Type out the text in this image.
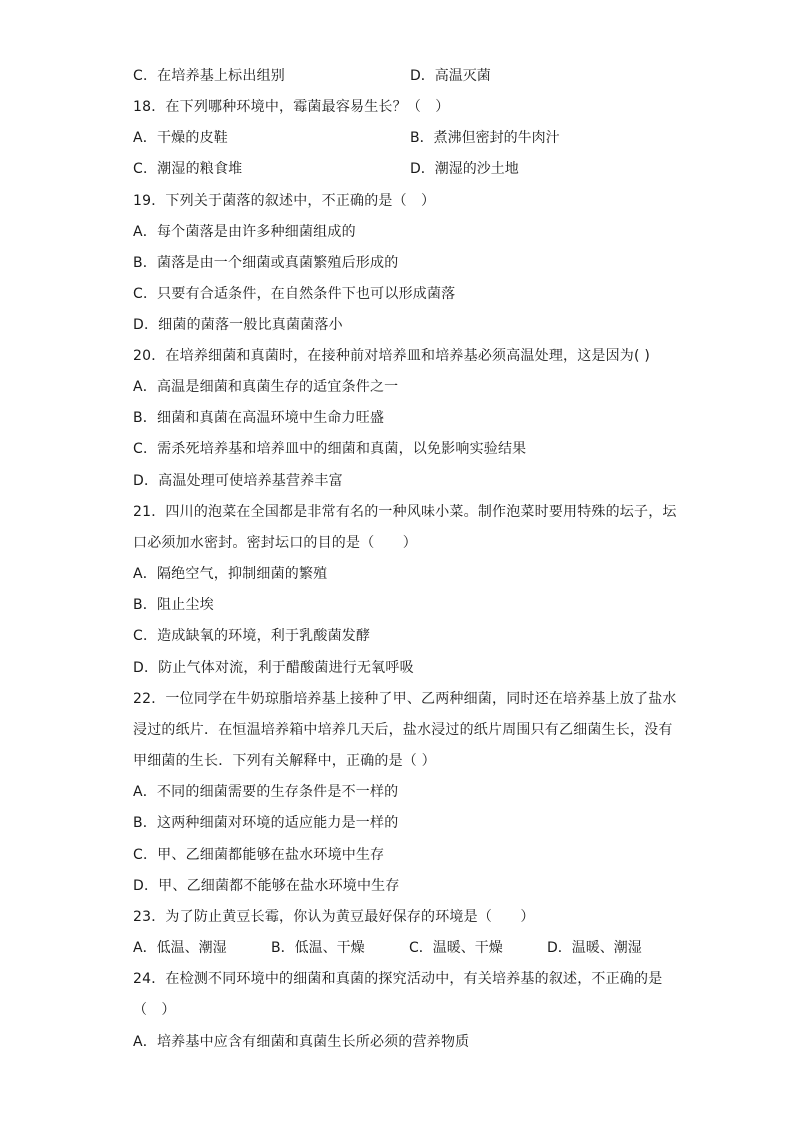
C．在培养基上标出组别	D．高温灭菌
18．在下列哪种环境中，霉菌最容易生长？（　）
A．干燥的皮鞋	B．煮沸但密封的牛肉汁
C．潮湿的粮食堆	D．潮湿的沙土地
19．下列关于菌落的叙述中，不正确的是（　）
A．每个菌落是由许多种细菌组成的
B．菌落是由一个细菌或真菌繁殖后形成的
C．只要有合适条件，在自然条件下也可以形成菌落
D．细菌的菌落一般比真菌菌落小
20．在培养细菌和真菌时，在接种前对培养皿和培养基必须高温处理，这是因为( )
A．高温是细菌和真菌生存的适宜条件之一
B．细菌和真菌在高温环境中生命力旺盛
C．需杀死培养基和培养皿中的细菌和真菌，以免影响实验结果
D．高温处理可使培养基营养丰富
21．四川的泡菜在全国都是非常有名的一种风味小菜。制作泡菜时要用特殊的坛子，坛
口必须加水密封。密封坛口的目的是（　　）
A．隔绝空气，抑制细菌的繁殖
B．阻止尘埃
C．造成缺氧的环境，利于乳酸菌发酵
D．防止气体对流，利于醋酸菌进行无氧呼吸
22．一位同学在牛奶琼脂培养基上接种了甲、乙两种细菌，同时还在培养基上放了盐水
浸过的纸片．在恒温培养箱中培养几天后，盐水浸过的纸片周围只有乙细菌生长，没有
甲细菌的生长．下列有关解释中，正确的是（ ）
A．不同的细菌需要的生存条件是不一样的
B．这两种细菌对环境的适应能力是一样的
C．甲、乙细菌都能够在盐水环境中生存
D．甲、乙细菌都不能够在盐水环境中生存
23．为了防止黄豆长霉，你认为黄豆最好保存的环境是（　　）
A．低温、潮湿	B．低温、干燥	C．温暖、干燥	D．温暖、潮湿
24．在检测不同环境中的细菌和真菌的探究活动中，有关培养基的叙述，不正确的是
（　）
A．培养基中应含有细菌和真菌生长所必须的营养物质
